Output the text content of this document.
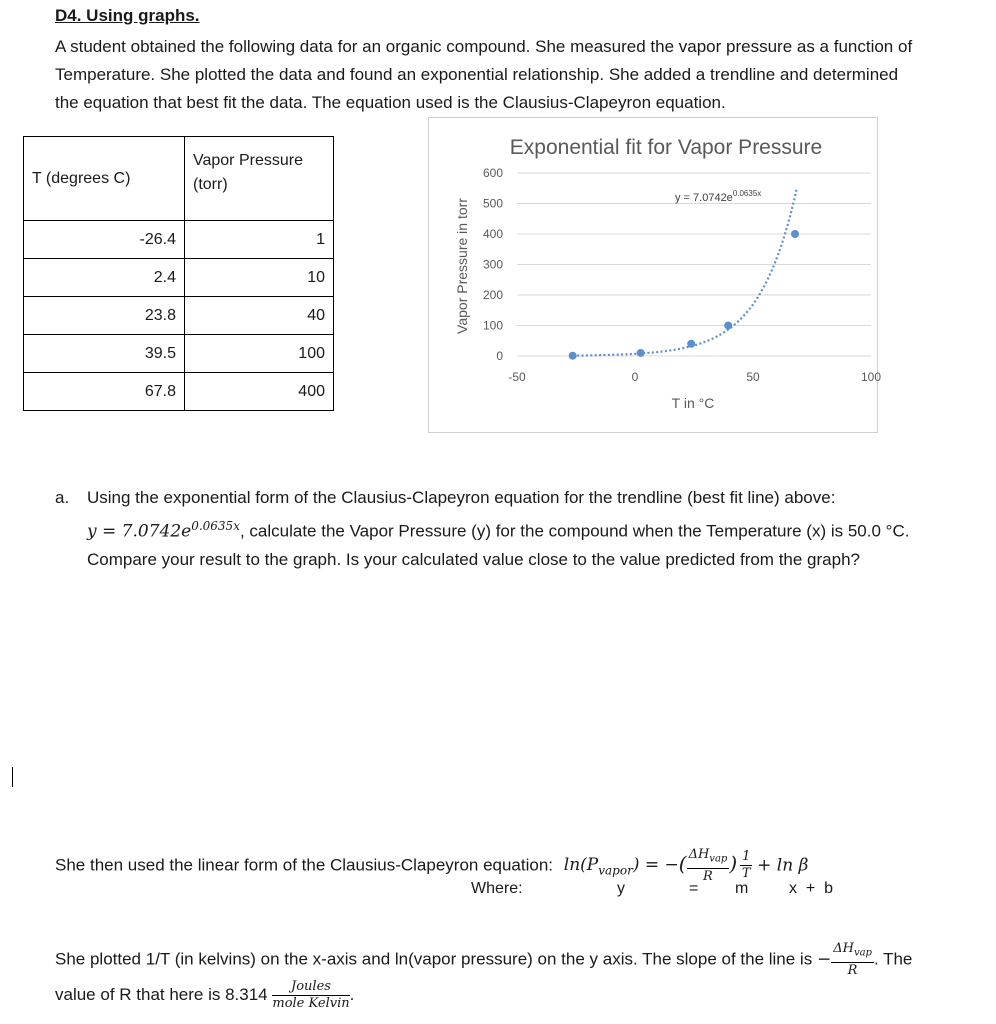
D4. Using graphs.
A student obtained the following data for an organic compound. She measured the vapor pressure as a function of
Temperature. She plotted the data and found an exponential relationship. She added a trendline and determined
the equation that best fit the data. The equation used is the Clausius-Clapeyron equation.
T (degrees C)	Vapor Pressure
(torr)

-26.4	1
2.4	10
23.8	40
39.5	100
67.8	400
Exponential fit for Vapor Pressure
0
100
200
300
400
500
600
-50	0	50	100
$y = 7.0742e^{0.0635x}$
T in °C
Vapor Pressure in torr
a. Using the exponential form of the Clausius-Clapeyron equation for the trendline (best fit line) above:
$y = 7.0742e^{0.0635x}$, calculate the Vapor Pressure (y) for the compound when the Temperature (x) is 50.0 °C.
Compare your result to the graph. Is your calculated value close to the value predicted from the graph?
She then used the linear form of the Clausius-Clapeyron equation: $\ln(P_{vapor})$ = −( $\frac{\Delta H_{vap}}{R}$ ) $\frac{1}{T} + \ln \beta$
Where:	y	= m	x  +  b
She plotted 1/T (in kelvins) on the x-axis and ln(vapor pressure) on the y axis. The slope of the line is − $\frac{\Delta H_{vap}}{R}$ . The
value of R that here is $8.314 \frac{\text{Joules}}{\text{mole Kelvin}}$ .
